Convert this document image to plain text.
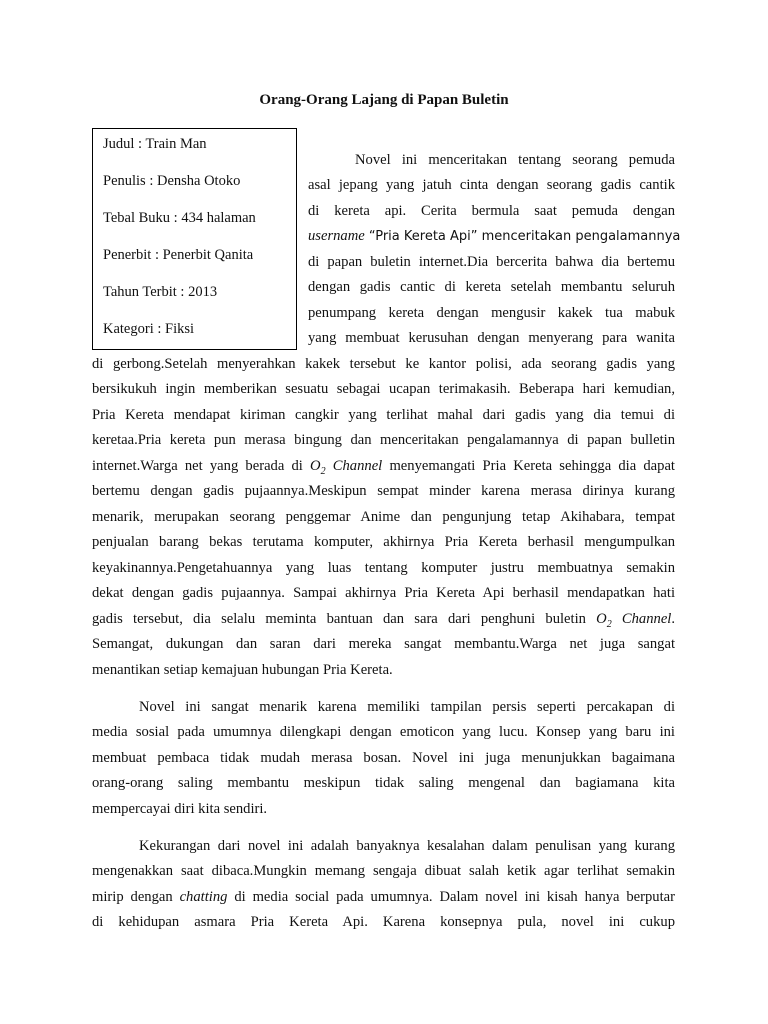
Orang-Orang Lajang di Papan Buletin
Judul : Train Man
Penulis : Densha Otoko
Tebal Buku : 434 halaman
Penerbit : Penerbit Qanita
Tahun Terbit : 2013
Kategori : Fiksi
Novel ini menceritakan tentang seorang pemuda
asal jepang yang jatuh cinta dengan seorang gadis cantik
di kereta api. Cerita bermula saat pemuda dengan
username “Pria Kereta Api” menceritakan pengalamannya
di papan buletin internet.Dia bercerita bahwa dia bertemu
dengan gadis cantic di kereta setelah membantu seluruh
penumpang kereta dengan mengusir kakek tua mabuk
yang membuat kerusuhan dengan menyerang para wanita
di gerbong.Setelah menyerahkan kakek tersebut ke kantor polisi, ada seorang gadis yang
bersikukuh ingin memberikan sesuatu sebagai ucapan terimakasih. Beberapa hari kemudian,
Pria Kereta mendapat kiriman cangkir yang terlihat mahal dari gadis yang dia temui di
keretaa.Pria kereta pun merasa bingung dan menceritakan pengalamannya di papan bulletin
internet.Warga net yang berada di $O_2$ Channel menyemangati Pria Kereta sehingga dia dapat
bertemu dengan gadis pujaannya.Meskipun sempat minder karena merasa dirinya kurang
menarik, merupakan seorang penggemar Anime dan pengunjung tetap Akihabara, tempat
penjualan barang bekas terutama komputer, akhirnya Pria Kereta berhasil mengumpulkan
keyakinannya.Pengetahuannya yang luas tentang komputer justru membuatnya semakin
dekat dengan gadis pujaannya. Sampai akhirnya Pria Kereta Api berhasil mendapatkan hati
gadis tersebut, dia selalu meminta bantuan dan sara dari penghuni buletin $O_2$ Channel.
Semangat, dukungan dan saran dari mereka sangat membantu.Warga net juga sangat
menantikan setiap kemajuan hubungan Pria Kereta.
Novel ini sangat menarik karena memiliki tampilan persis seperti percakapan di
media sosial pada umumnya dilengkapi dengan emoticon yang lucu. Konsep yang baru ini
membuat pembaca tidak mudah merasa bosan. Novel ini juga menunjukkan bagaimana
orang-orang saling membantu meskipun tidak saling mengenal dan bagiamana kita
mempercayai diri kita sendiri.
Kekurangan dari novel ini adalah banyaknya kesalahan dalam penulisan yang kurang
mengenakkan saat dibaca.Mungkin memang sengaja dibuat salah ketik agar terlihat semakin
mirip dengan chatting di media social pada umumnya. Dalam novel ini kisah hanya berputar
di kehidupan asmara Pria Kereta Api. Karena konsepnya pula, novel ini cukup
